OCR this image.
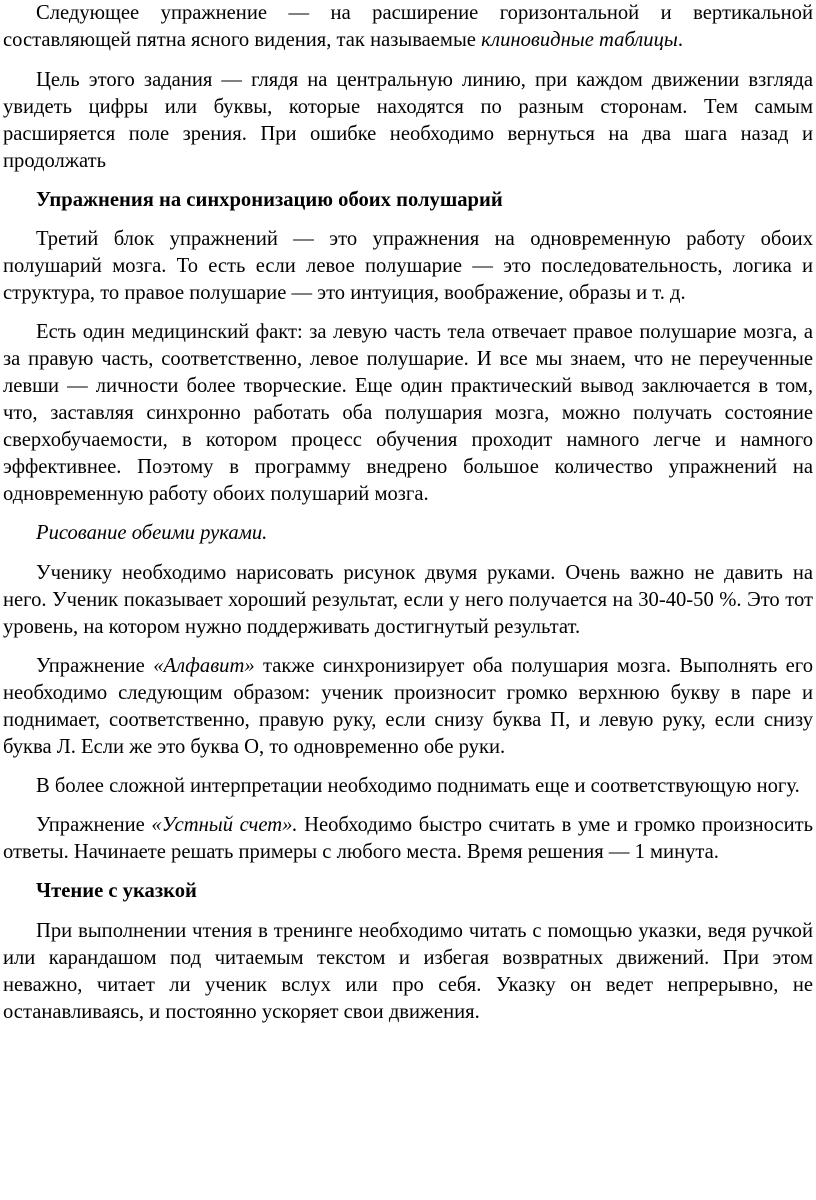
Следующее упражнение — на расширение горизонтальной и вертикальной составляющей пятна ясного видения, так называемые клиновидные таблицы.

Цель этого задания — глядя на центральную линию, при каждом движении взгляда увидеть цифры или буквы, которые находятся по разным сторонам. Тем самым расширяется поле зрения. При ошибке необходимо вернуться на два шага назад и продолжать

Упражнения на синхронизацию обоих полушарий

Третий блок упражнений — это упражнения на одновременную работу обоих полушарий мозга. То есть если левое полушарие — это последовательность, логика и структура, то правое полушарие — это интуиция, воображение, образы и т. д.

Есть один медицинский факт: за левую часть тела отвечает правое полушарие мозга, а за правую часть, соответственно, левое полушарие. И все мы знаем, что не переученные левши — личности более творческие. Еще один практический вывод заключается в том, что, заставляя синхронно работать оба полушария мозга, можно получать состояние сверхобучаемости, в котором процесс обучения проходит намного легче и намного эффективнее. Поэтому в программу внедрено большое количество упражнений на одновременную работу обоих полушарий мозга.

Рисование обеими руками.

Ученику необходимо нарисовать рисунок двумя руками. Очень важно не давить на него. Ученик показывает хороший результат, если у него получается на 30-40-50 %. Это тот уровень, на котором нужно поддерживать достигнутый результат.

Упражнение «Алфавит» также синхронизирует оба полушария мозга. Выполнять его необходимо следующим образом: ученик произносит громко верхнюю букву в паре и поднимает, соответственно, правую руку, если снизу буква П, и левую руку, если снизу буква Л. Если же это буква О, то одновременно обе руки.

В более сложной интерпретации необходимо поднимать еще и соответствующую ногу.

Упражнение «Устный счет». Необходимо быстро считать в уме и громко произносить ответы. Начинаете решать примеры с любого места. Время решения — 1 минута.

Чтение с указкой

При выполнении чтения в тренинге необходимо читать с помощью указки, ведя ручкой или карандашом под читаемым текстом и избегая возвратных движений. При этом неважно, читает ли ученик вслух или про себя. Указку он ведет непрерывно, не останавливаясь, и постоянно ускоряет свои движения.
